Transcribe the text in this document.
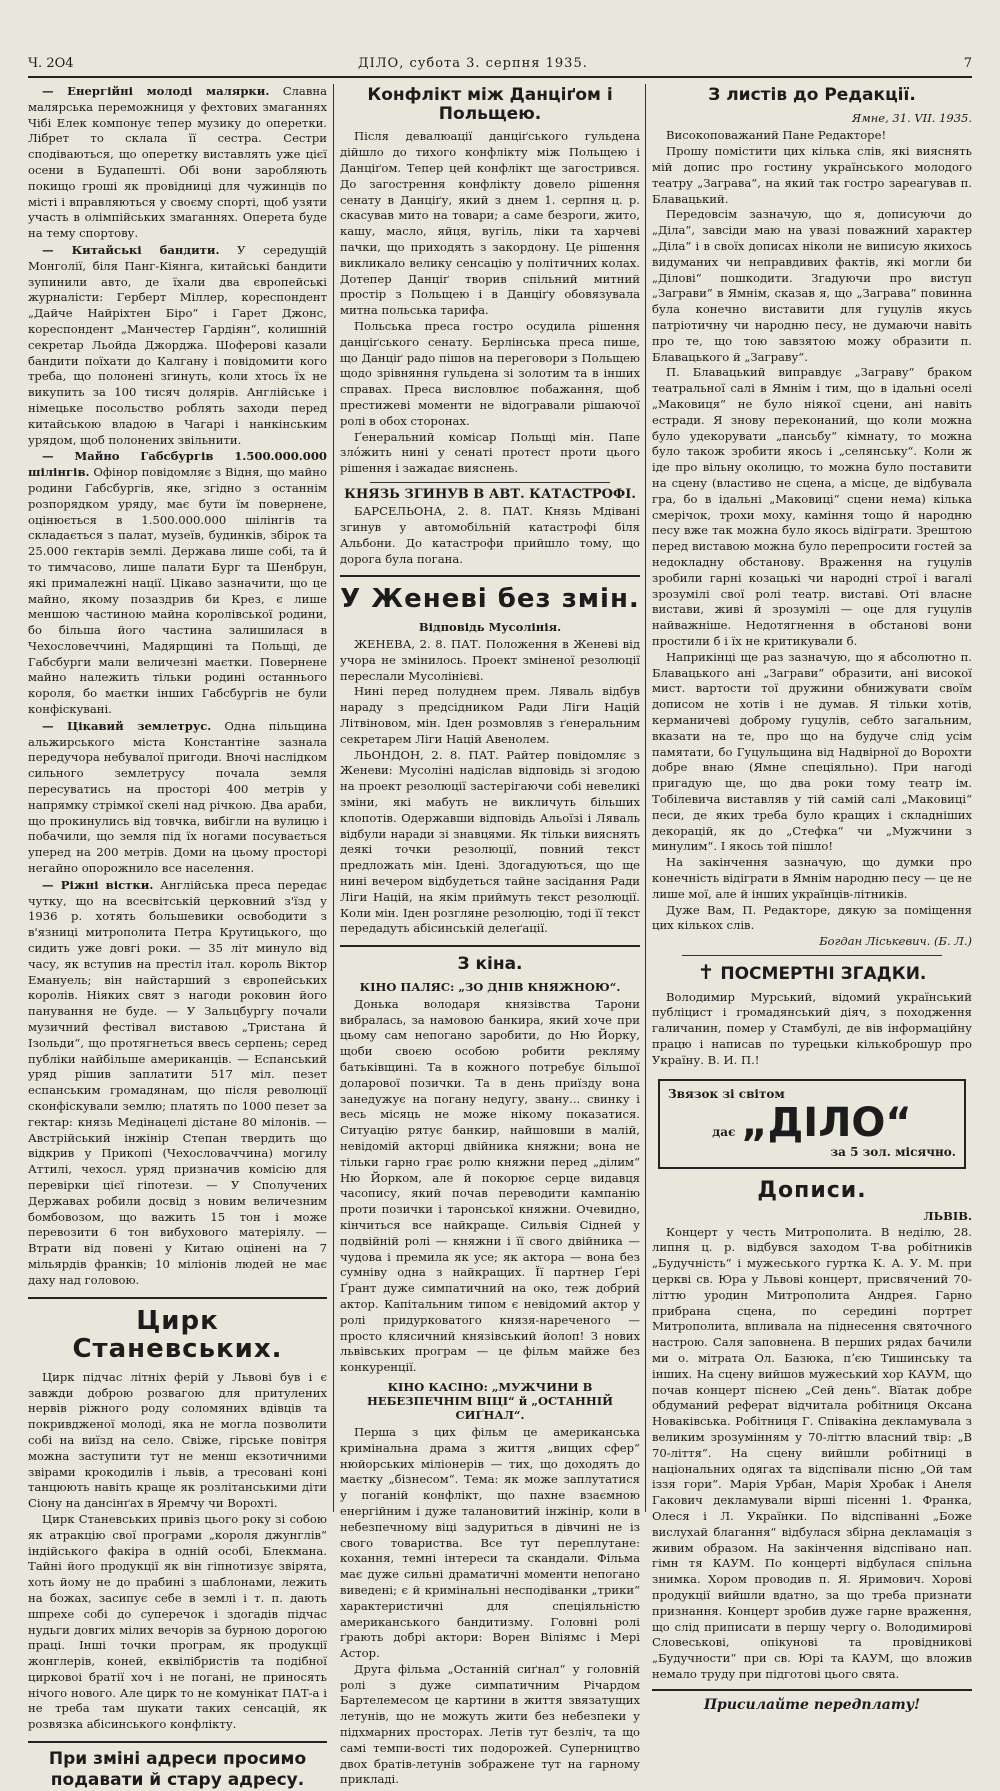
Ч. 2О4	ДІЛО, субота 3. серпня 1935.	7

— Енергійні молоді малярки. Славна малярська переможниця у фехтових змаганнях Чібі Елек компонує тепер музику до оперетки. Лібрет то склала її сестра. Сестри сподіваються, що оперетку виставлять уже цієї осени в Будапешті. Обі вони заробляють покищо гроші як провідниці для чужинців по місті і вправляються у своєму спорті, щоб узяти участь в олімпійських змаганнях. Оперета буде на тему спортову.

— Китайські бандити. У середущій Монголії, біля Панг-Кіянга, китайські бандити зупинили авто, де їхали два європейські журналісти: Герберт Міллер, кореспондент „Дайче Найріхтен Біро“ і Гарет Джонс, кореспондент „Манчестер Гардіян“, колишній секретар Льойда Джорджа. Шоферові казали бандити поїхати до Калгану і повідомити кого треба, що полонені згинуть, коли хтось їх не викупить за 100 тисяч долярів. Англійське і німецьке посольство роблять заходи перед китайською владою в Чагарі і нанкінським урядом, щоб полонених звільнити.

— Майно Габсбургів 1.500.000.000 шілінгів. Офінор повідомляє з Відня, що майно родини Габсбургів, яке, згідно з останнім розпорядком уряду, має бути їм повернене, оцінюється в 1.500.000.000 шілінгів та складається з палат, музеїв, будинків, збірок та 25.000 гектарів землі. Держава лише собі, та й то тимчасово, лише палати Бург та Шенбрун, які прималежні нації. Цікаво зазначити, що це майно, якому позаздрив би Крез, є лише меншою частиною майна королівської родини, бо більша його частина залишилася в Чехословеччині, Мадярщині та Польщі, де Габсбурги мали величезні маєтки. Повернене майно належить тільки родині останнього короля, бо маєтки інших Габсбургів не були конфіскувані.

— Цікавий землетрус. Одна пільщина альжирського міста Константіне зазнала передучора небувалої пригоди. Вночі наслідком сильного землетрусу почала земля пересуватись на просторі 400 метрів у напрямку стрімкої скелі над річкою. Два араби, що прокинулись від товчка, вибігли на вулицю і побачили, що земля під їх ногами посувається уперед на 200 метрів. Доми на цьому просторі негайно опорожнило все населення.

— Ріжні вістки. Англійська преса передає чутку, що на всесвітській церковний з'їзд у 1936 р. хотять большевики освободити з в'язниці митрополита Петра Крутицького, що сидить уже довгі роки. — 35 літ минуло від часу, як вступив на престіл італ. король Віктор Емануель; він найстарший з європейських королів. Ніяких свят з нагоди роковин його панування не буде. — У Зальцбургу почали музичний фестівал виставою „Тристана й Ізольди“, що протягнеться ввесь серпень; серед публіки найбільше американців. — Еспанський уряд рішив заплатити 517 міл. пезет еспанським громадянам, що після революції сконфіскували землю; платять по 1000 пезет за гектар: князь Медінацелі дістане 80 мілонів. — Австрійський інжінір Степан твердить що відкрив у Прикопі (Чехословаччина) могилу Аттилі, чехосл. уряд призначив комісію для перевірки цієї гіпотези. — У Сполучених Державах робили досвід з новим величезним бомбовозом, що важить 15 тон і може перевозити 6 тон вибухового матеріялу. — Втрати від повені у Китаю оцінені на 7 мільярдів франків; 10 міліонів людей не має даху над головою.

Цирк Станевських.

Цирк підчас літніх ферій у Львові був і є завжди доброю розвагою для притулених нервів ріжного роду соломяних вдівців та покривдженої молоді, яка не могла позволити собі на виїзд на село. Свіже, гірське повітря можна заступити тут не менш екзотичними звірами крокодилів і львів, а тресовані коні танцюють навіть краще як розлітанськими діти Сіону на дансінґах в Яремчу чи Ворохті.

Цирк Станевських привіз цього року зі собою як атракцію свої програми „короля джунглів“ індійського факіра в одній особі, Блекмана. Тайні його продукції як він гіпнотизує звірята, хоть йому не до прабині з шаблонами, лежить на божах, засипує себе в землі і т. п. дають шпрехе собі до суперечок і здогадів підчас нудьги довгих мілих вечорів за бурною дорогою праці. Інші точки програм, як продукції жонглерів, коней, еквілібристів та подібної цирковоі братії хоч і не погані, не приносять нічого нового. Але цирк то не комунікат ПАТ-а і не треба там шукати таких сенсацій, як розвязка абісинського конфлікту.

При зміні адреси просимо подавати й стару адресу.
Конфлікт між Данціґом і Польщею.

Після девалюації данціґського гульдена дійшло до тихого конфлікту між Польщею і Данціґом. Тепер цей конфлікт ще загострився. До загострення конфлікту довело рішення сенату в Данціґу, який з днем 1. серпня ц. р. скасував мито на товари; а саме безроги, жито, кашу, масло, яйця, вугіль, ліки та харчеві пачки, що приходять з закордону. Це рішення викликало велику сенсацію у політичних колах. Дотепер Данціґ творив спільний митний простір з Польщею і в Данціґу обовязувала митна польська тарифа.

Польська преса гостро осудила рішення данціґського сенату. Берлінська преса пише, що Данціґ радо пішов на переговори з Польщею щодо зрівняння гульдена зі золотим та в інших справах. Преса висловлює побажання, щоб престижеві моменти не відогравали рішаючої ролі в обох сторонах.

Ґенеральний комісар Польщі мін. Папе злόжить нині у сенаті протест проти цього рішення і зажадає вияснень.

КНЯЗЬ ЗГИНУВ В АВТ. КАТАСТРОФІ.

БАРСЕЛЬОНА, 2. 8. ПАТ. Князь Мдівані згинув у автомобільній катастрофі біля Альбони. До катастрофи прийшло тому, що дорога була погана.

У Женеві без змін.
Відповідь Мусолінія.

ЖЕНЕВА, 2. 8. ПАТ. Положення в Женеві від учора не змінилось. Проект зміненої резолюції переслали Мусолінієві.

Нині перед полуднем прем. Лявaль відбув нараду з предсідником Ради Ліги Націй Літвіновом, мін. Іден розмовляв з ґенеральним секретарем Ліги Націй Авенолем.

ЛЬОНДОН, 2. 8. ПАТ. Райтер повідомляє з Женеви: Мусоліні надіслав відповідь зі згодою на проект резолюції застерігаючи собі невеликі зміни, які мабуть не викличуть більших клопотів. Одержавши відповідь Альоїзі і Лявaль відбули наради зі знавцями. Як тільки вияснять деякі точки резолюції, повний текст предложать мін. Ідені. Здогадуються, що ще нині вечером відбудеться тайне засідання Ради Ліги Націй, на якім приймуть текст резолюції. Коли мін. Іден розгляне резолюцію, тоді її текст передадуть абісинській делеґації.

З кіна.
КІНО ПАЛЯС: „ЗО ДНІВ КНЯЖНОЮ“.

Донька володаря князівства Тарони вибралась, за намовою банкира, який хоче при цьому сам непогано заробити, до Ню Йорку, щоби своєю особою робити рекляму батьківщині. Та в кожного потребує більшої доларової позички. Та в день приїзду вона занедужує на погану недугу, звану... свинку і весь місяць не може нікому показатися. Ситуацію рятує банкир, найшовши в малій, невідомій акторці двійника княжни; вона не тільки гарно грає ролю княжни перед „ділим“ Ню Йорком, але й покорює серце видавця часопису, який почав переводити кампанію проти позички і таронської княжни. Очевидно, кінчиться все найкраще. Сильвія Сідней у подвійній ролі — княжни і її свого двійника — чудова і премила як усе; як актора — вона без сумніву одна з найкращих. Її партнер Ґері Ґрант дуже симпатичний на око, теж добрий актор. Капітальним типом є невідомий актор у ролі придурковатого князя-нареченого — просто клясичний князівський йолоп! З нових львівських програм — це фільм майже без конкуренції.

КІНО КАСІНО: „МУЖЧИНИ В НЕБЕЗПЕЧНІМ ВІЦІ“ й „ОСТАННІЙ СИҐНАЛ“.

Перша з цих фільм це американська кримінальна драма з життя „вищих сфер“ нюйорських міліонерів — тих, що доходять до маєтку „бізнесом“. Тема: як може заплутатися у поганій конфлікт, що пахне взаємною енергійним і дуже талановитий інжінір, коли в небезпечному віці задуриться в дівчині не із свого товариства. Все тут переплутане: кохання, темні інтереси та скандали. Фільма має дуже сильні драматичні моменти непогано виведені; є й кримінальні несподіванки „трики“ характеристичні для спеціяльністю американського бандитизму. Головні ролі ґрають добрі актори: Ворен Віліямс і Мері Астор.

Друга фільма „Останній сиґнал“ у головній ролі з дуже симпатичним Річардом Бартелемесом це картини в життя звязатущих летунів, що не можуть жити без небезпеки у підхмарних просторах. Летів тут безліч, та що самі темпи-вості тих подорожей. Суперництво двох братів-летунів зображене тут на гарному прикладі.

З листів до Редакції.
Ямне, 31. VII. 1935.

Високоповажаний Пане Редакторе!

Прошу помістити цих кілька слів, які вияснять мій допис про гостину українського молодого театру „Заграва“, на який так гостро зареагував п. Блавацький.

Передовсім зазначую, що я, дописуючи до „Діла“, завсіди маю на увазі поважний характер „Діла“ і в своїх дописах ніколи не виписую якихось видумaних чи неправдивих фактів, які могли би „Ділові“ пошкодити. Згадуючи про виступ „Заграви“ в Ямнім, сказав я, що „Заграва“ повинна була конечно виставити для гуцулів якусь патріотичну чи народню песу, не думаючи навіть про те, що тою завзятою можу образити п. Блавацького й „Заграву“.

П. Блавацький виправдує „Заграву“ браком театральної салі в Ямнім і тим, що в ідальні оселі „Маковиця“ не було ніякої сцени, ані навіть естради. Я знову переконаний, що коли можна було удекорувати „пансьбу“ кімнату, то можна було також зробити якось і „селянську“. Коли ж іде про вільну околицю, то можна було поставити на сцену (властиво не сцена, а місце, де відбувала гра, бо в ідальні „Маковиці“ сцени нема) кілька смерічок, трохи моху, каміння тощо й народню песу вже так можна було якось відіграти. Зрештою перед виставою можна було перепросити гостей за недокладну обстанову. Враження на гуцулів зробили гарні козацькі чи народні строї і вагалі зрозумілі свої ролі театр. виставі. Оті власне вистави, живі й зрозумілі — оце для гуцулів найважніше. Недотягнення в обстанові вони простили б і їх не критикували б.

Наприкінці ще раз зазначую, що я абсолютно п. Блавацького ані „Заграви“ образити, ані високої мист. вартости тої дружини обнижувати своїм дописом не хотів і не думав. Я тільки хотів, керманичеві доброму гуцулів, себто загальним, вказати на те, про що на будуче слід усім памятати, бо Гуцульщина від Надвірної до Ворохти добре внаю (Ямне спеціяльно). При нагоді пригадую ще, що два роки тому театр ім. Тобілевича виставляв у тій самій салі „Маковиці“ песи, де яких треба було кращих і складніших декорацій, як до „Стефка“ чи „Мужчини з минулим“. І якось той пішло!

На закінчення зазначую, що думки про конечність відіграти в Ямнім народню песу — це не лише мої, але й інших українців-літників.

Дуже Вам, П. Редакторе, дякую за поміщення цих кількох слів.

Богдан Ліськевич. (Б. Л.)
✝ ПОСМЕРТНІ ЗГАДКИ.

Володимир Мурський, відомий український публіцист і громадянський діяч, з походження галичанин, помер у Стамбулі, де вів інформаційну працю і написав по турецьки кількоброшур про Україну. В. И. П.!

Звязок зі світом
дає „ДІЛО“
за 5 зол. місячно.
Дописи.
ЛЬВІВ.

Концерт у честь Митрополита. В неділю, 28. липня ц. р. відбувся заходом Т-ва робітників „Будучність“ і мужеського гуртка К. А. У. М. при церкві св. Юра у Львові концерт, присвячений 70-літтю уродин Митрополита Андрея. Гарно прибрана сцена, по середині портрет Митрополита, впливала на піднесення святочного настрою. Саля заповнена. В перших рядах бачили ми о. мітрата Ол. Базюка, пʼєю Тишинську та інших. На сцену вийшов мужеський хор КАУМ, що почав концерт піснею „Сей день“. Вїатак добре обдуманий реферат відчитала робітниця Оксана Новаківська. Робітниця Г. Співакіна декламувала з великим зрозумінням у 70-літтю власний твір: „В 70-ліття“. На сцену вийшли робітниці в національних одягах та відспівали пісню „Ой там іззя гори“. Марія Урбан, Марія Хробак і Анеля Гакович декламували вірші пісенні 1. Франка, Олеся і Л. Українки. По відспіванні „Боже вислухай благання“ відбулася збірна декламація з живим образом. На закінчення відспівано нап. гімн тя КАУМ. По концерті відбулася спільна знимка. Хором проводив п. Я. Яримович. Хорові продукції вийшли вдатно, за що треба признати признання. Концерт зробив дуже гарне враження, що слід приписати в першу чергу о. Володимирові Словеськові, опікунові та провідникові „Будучности“ при св. Юрі та КАУМ, що вложив немало труду при підготові цього свята.

Присилайте передплату!
